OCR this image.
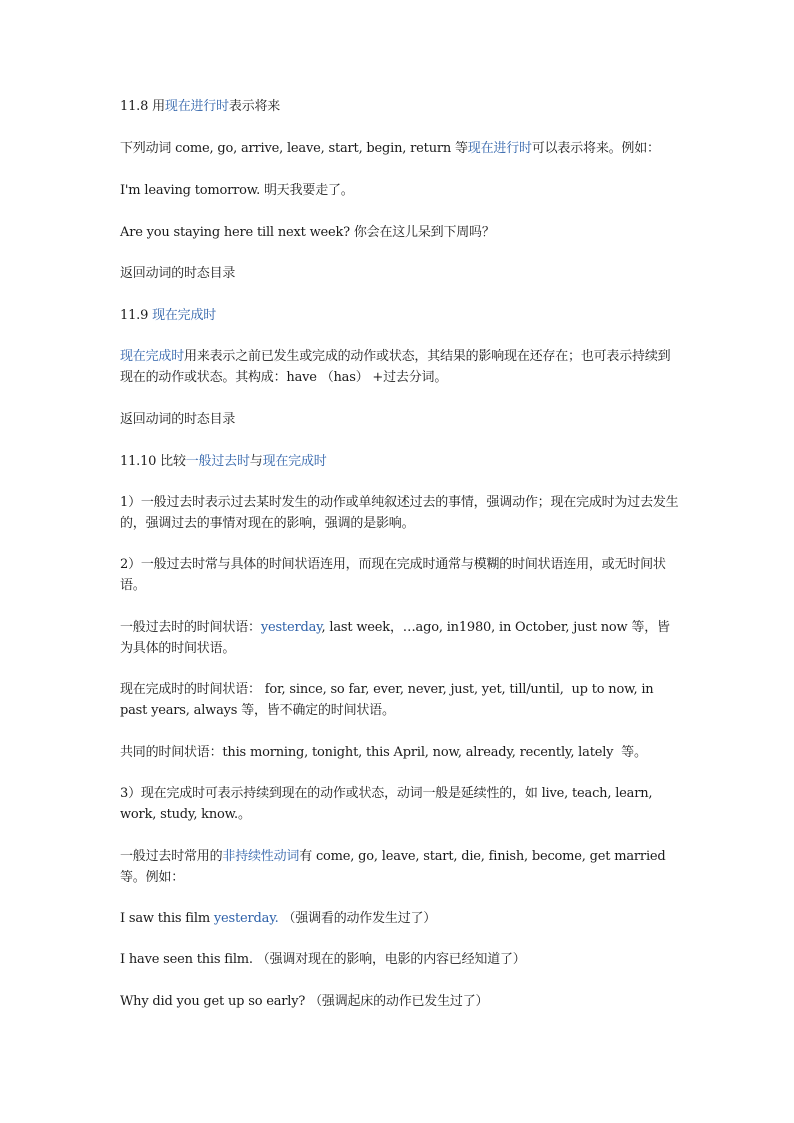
11.8 用现在进行时表示将来
下列动词 come, go, arrive, leave, start, begin, return 等现在进行时可以表示将来。例如：
I'm leaving tomorrow. 明天我要走了。
Are you staying here till next week? 你会在这儿呆到下周吗？
返回动词的时态目录
11.9 现在完成时
现在完成时用来表示之前已发生或完成的动作或状态，其结果的影响现在还存在；也可表示持续到现在的动作或状态。其构成：have （has） +过去分词。
返回动词的时态目录
11.10 比较一般过去时与现在完成时
1）一般过去时表示过去某时发生的动作或单纯叙述过去的事情，强调动作；现在完成时为过去发生的，强调过去的事情对现在的影响，强调的是影响。
2）一般过去时常与具体的时间状语连用，而现在完成时通常与模糊的时间状语连用，或无时间状语。
一般过去时的时间状语：yesterday, last week，…ago, in1980, in October, just now 等，皆为具体的时间状语。
现在完成时的时间状语： for, since, so far, ever, never, just, yet, till/until,  up to now, in past years, always 等，皆不确定的时间状语。
共同的时间状语：this morning, tonight, this April, now, already, recently, lately  等。
3）现在完成时可表示持续到现在的动作或状态，动词一般是延续性的，如 live, teach, learn, work, study, know.。
一般过去时常用的非持续性动词有 come, go, leave, start, die, finish, become, get married 等。例如：
I saw this film yesterday. （强调看的动作发生过了）
I have seen this film. （强调对现在的影响，电影的内容已经知道了）
Why did you get up so early? （强调起床的动作已发生过了）
